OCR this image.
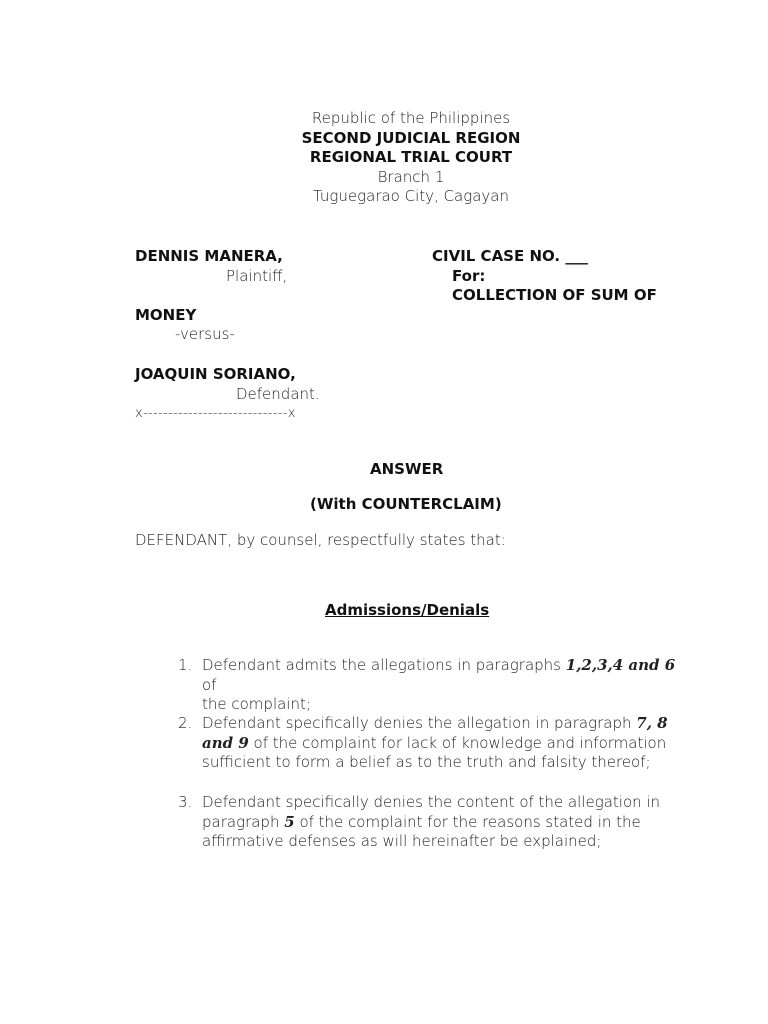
Republic of the Philippines
SECOND JUDICIAL REGION
REGIONAL TRIAL COURT
Branch 1
Tuguegarao City, Cagayan
DENNIS MANERA,
Plaintiff,
CIVIL CASE NO. ___
For:
COLLECTION OF SUM OF
MONEY
-versus-
JOAQUIN SORIANO,
Defendant.
x-----------------------------x
ANSWER
(With COUNTERCLAIM)
DEFENDANT, by counsel, respectfully states that:
Admissions/Denials
1. Defendant admits the allegations in paragraphs 1,2,3,4 and 6 of
the complaint;
2. Defendant specifically denies the allegation in paragraph 7, 8
and 9 of the complaint for lack of knowledge and information
sufficient to form a belief as to the truth and falsity thereof;
3. Defendant specifically denies the content of the allegation in
paragraph 5 of the complaint for the reasons stated in the
affirmative defenses as will hereinafter be explained;
